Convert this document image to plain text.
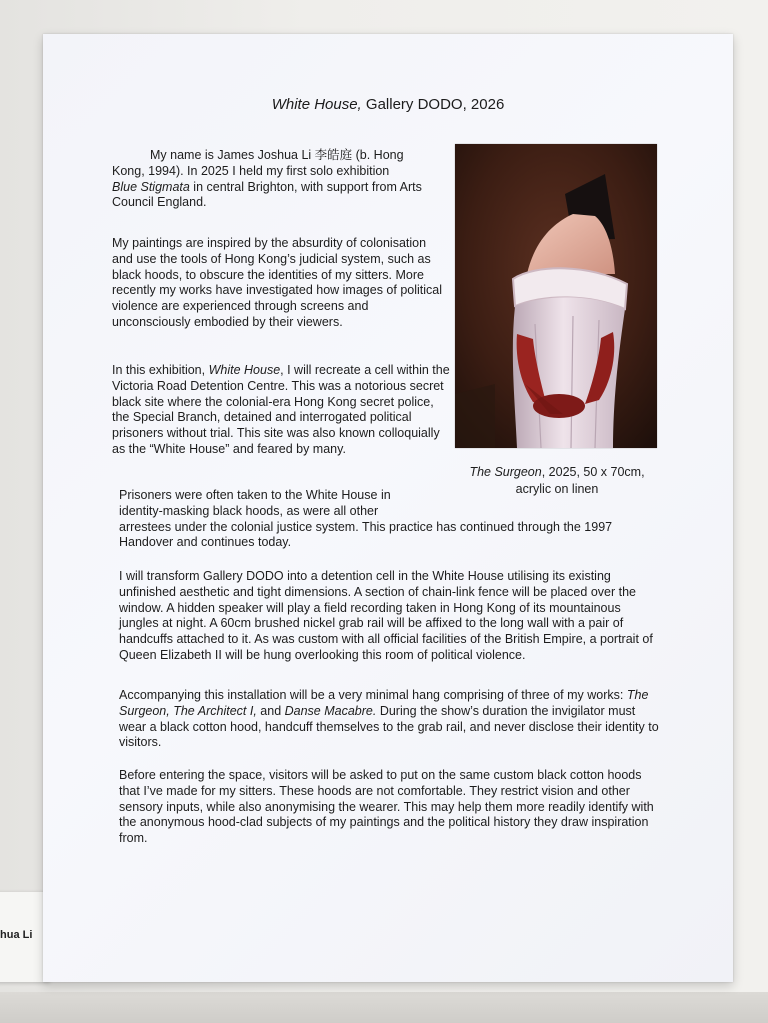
hua Li
White House, Gallery DODO, 2026

My name is James Joshua Li 李皓庭 (b. Hong
Kong, 1994). In 2025 I held my first solo exhibition
Blue Stigmata in central Brighton, with support from Arts Council England.

My paintings are inspired by the absurdity of colonisation and use the tools of Hong Kong’s judicial system, such as black hoods, to obscure the identities of my sitters. More recently my works have investigated how images of political violence are experienced through screens and unconsciously embodied by their viewers.

In this exhibition, White House, I will recreate a cell within the Victoria Road Detention Centre. This was a notorious secret black site where the colonial-era Hong Kong secret police, the Special Branch, detained and interrogated political prisoners without trial. This site was also known colloquially as the “White House” and feared by many.

Prisoners were often taken to the White House in
identity-masking black hoods, as were all other
arrestees under the colonial justice system. This practice has continued through the 1997 Handover and continues today.

I will transform Gallery DODO into a detention cell in the White House utilising its existing unfinished aesthetic and tight dimensions. A section of chain-link fence will be placed over the window. A hidden speaker will play a field recording taken in Hong Kong of its mountainous jungles at night. A 60cm brushed nickel grab rail will be affixed to the long wall with a pair of handcuffs attached to it. As was custom with all official facilities of the British Empire, a portrait of Queen Elizabeth II will be hung overlooking this room of political violence.

Accompanying this installation will be a very minimal hang comprising of three of my works: The Surgeon, The Architect I, and Danse Macabre. During the show’s duration the invigilator must wear a black cotton hood, handcuff themselves to the grab rail, and never disclose their identity to visitors.

Before entering the space, visitors will be asked to put on the same custom black cotton hoods that I’ve made for my sitters. These hoods are not comfortable. They restrict vision and other sensory inputs, while also anonymising the wearer. This may help them more readily identify with the anonymous hood-clad subjects of my paintings and the political history they draw inspiration from.

The Surgeon, 2025, 50 x 70cm,
acrylic on linen
